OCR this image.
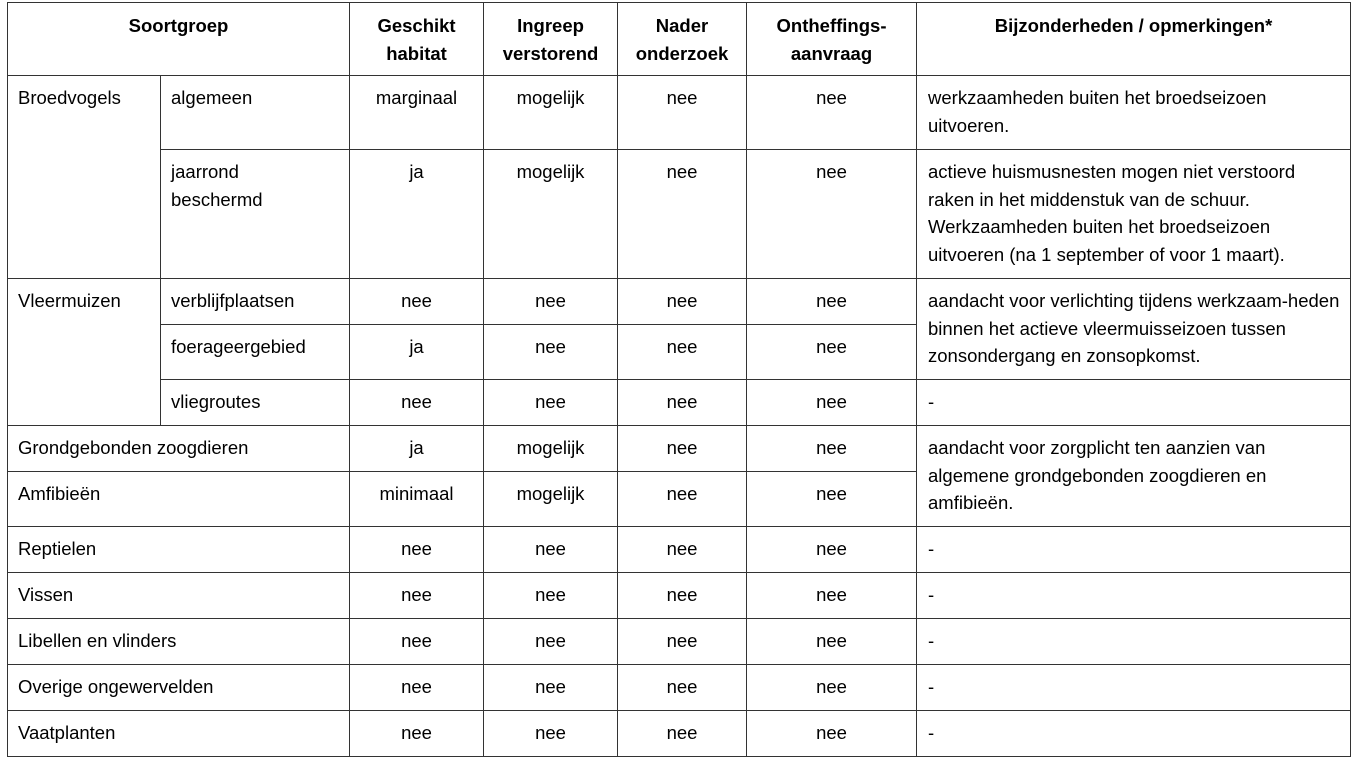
Soortgroep		Geschikt habitat	Ingreep verstorend	Nader onderzoek	Ontheffings-aanvraag	Bijzonderheden / opmerkingen*
Broedvogels	algemeen	marginaal	mogelijk	nee	nee	werkzaamheden buiten het broedseizoen uitvoeren.
	jaarrond beschermd	ja	mogelijk	nee	nee	actieve huismusnesten mogen niet verstoord raken in het middenstuk van de schuur. Werkzaamheden buiten het broedseizoen uitvoeren (na 1 september of voor 1 maart).
Vleermuizen	verblijfplaatsen	nee	nee	nee	nee	aandacht voor verlichting tijdens werkzaam-heden binnen het actieve vleermuisseizoen tussen zonsondergang en zonsopkomst.
	foerageergebied	ja	nee	nee	nee	
	vliegroutes	nee	nee	nee	nee	-
Grondgebonden zoogdieren		ja	mogelijk	nee	nee	aandacht voor zorgplicht ten aanzien van algemene grondgebonden zoogdieren en amfibieën.
Amfibieën		minimaal	mogelijk	nee	nee	
Reptielen		nee	nee	nee	nee	-
Vissen		nee	nee	nee	nee	-
Libellen en vlinders		nee	nee	nee	nee	-
Overige ongewervelden		nee	nee	nee	nee	-
Vaatplanten		nee	nee	nee	nee	-
